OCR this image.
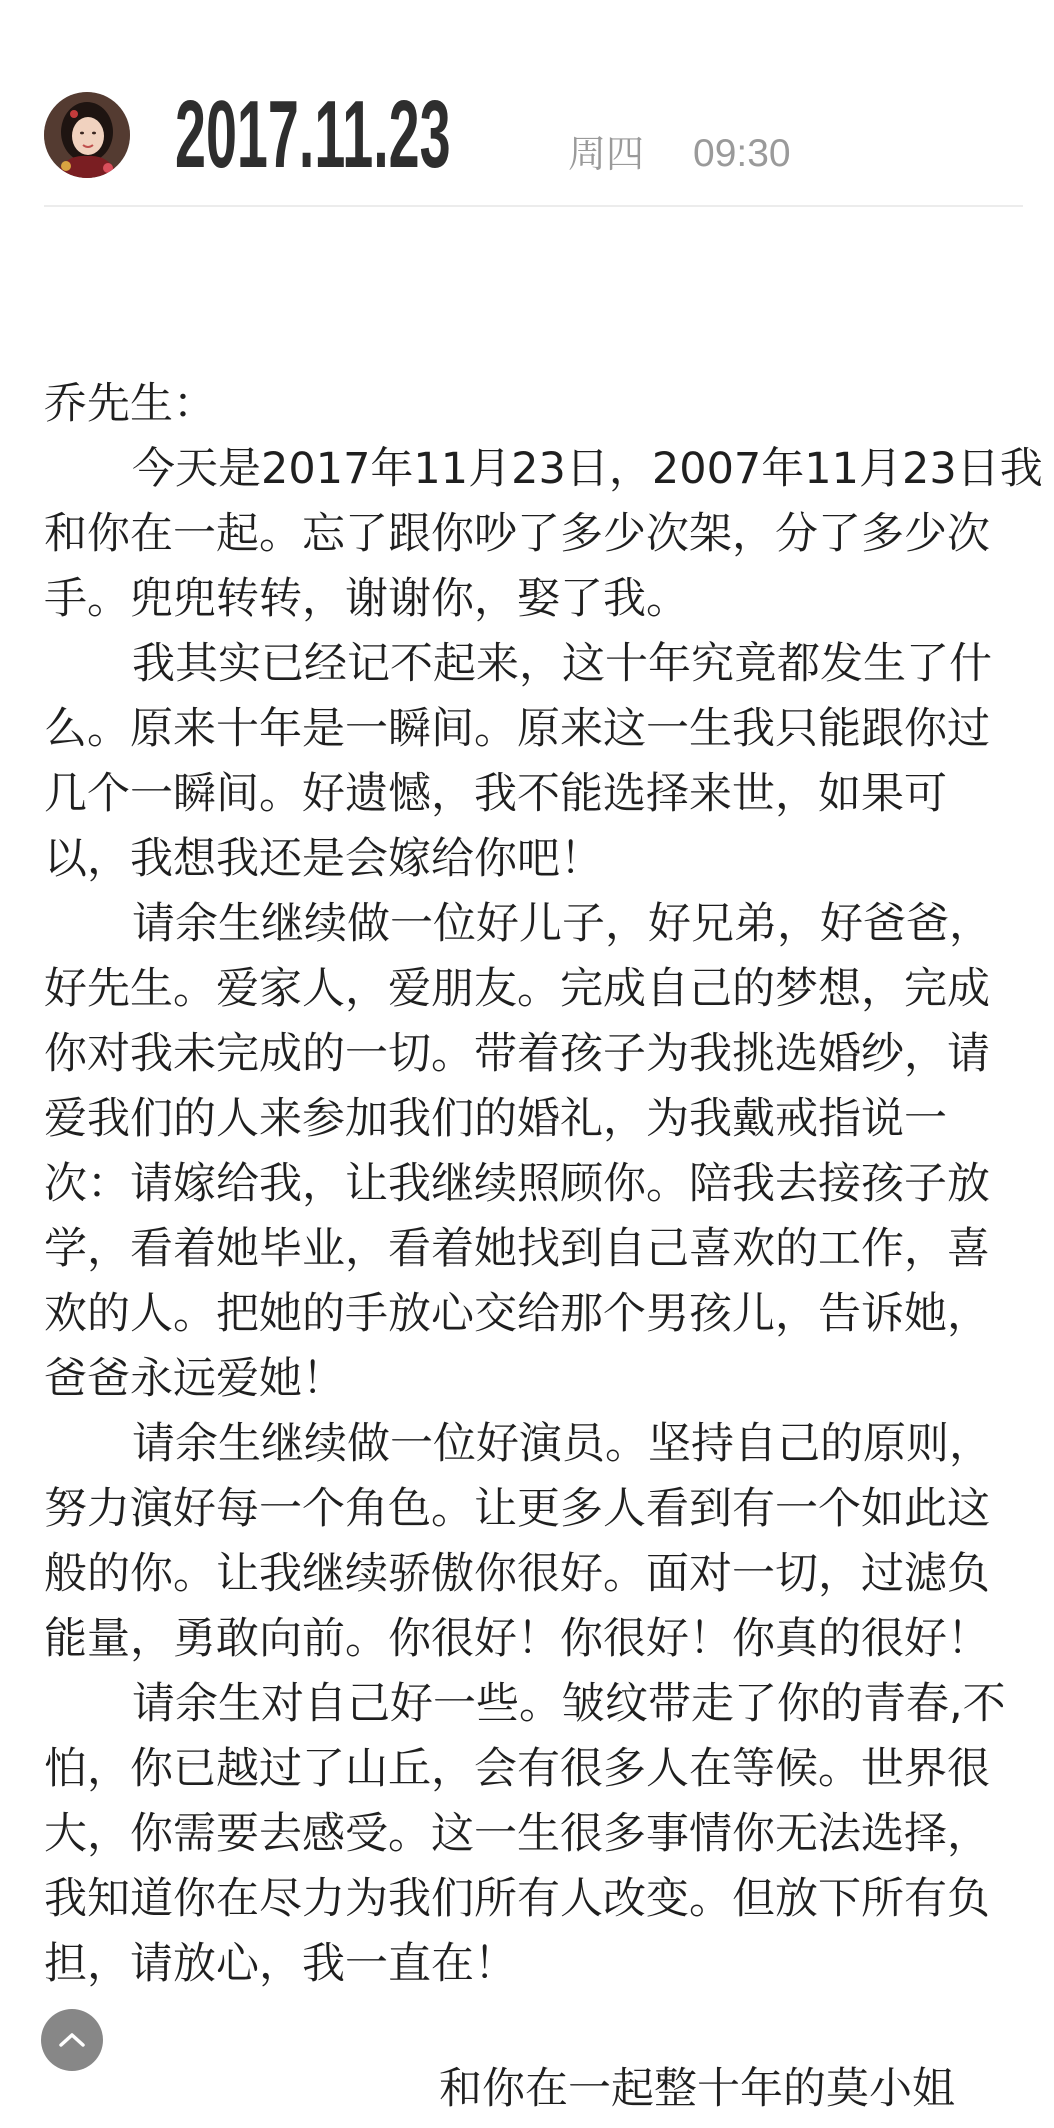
2017.11.23	周四 09:30
乔先生：
今天是2017年11月23日，2007年11月23日我
和你在一起。忘了跟你吵了多少次架，分了多少次
手。兜兜转转，谢谢你，娶了我。
我其实已经记不起来，这十年究竟都发生了什
么。原来十年是一瞬间。原来这一生我只能跟你过
几个一瞬间。好遗憾，我不能选择来世，如果可
以，我想我还是会嫁给你吧！
请余生继续做一位好儿子，好兄弟，好爸爸，
好先生。爱家人，爱朋友。完成自己的梦想，完成
你对我未完成的一切。带着孩子为我挑选婚纱，请
爱我们的人来参加我们的婚礼，为我戴戒指说一
次：请嫁给我，让我继续照顾你。陪我去接孩子放
学，看着她毕业，看着她找到自己喜欢的工作，喜
欢的人。把她的手放心交给那个男孩儿，告诉她，
爸爸永远爱她！
请余生继续做一位好演员。坚持自己的原则，
努力演好每一个角色。让更多人看到有一个如此这
般的你。让我继续骄傲你很好。面对一切，过滤负
能量，勇敢向前。你很好！你很好！你真的很好！
请余生对自己好一些。皱纹带走了你的青春,不
怕，你已越过了山丘，会有很多人在等候。世界很
大，你需要去感受。这一生很多事情你无法选择，
我知道你在尽力为我们所有人改变。但放下所有负
担，请放心，我一直在！
和你在一起整十年的莫小姐
